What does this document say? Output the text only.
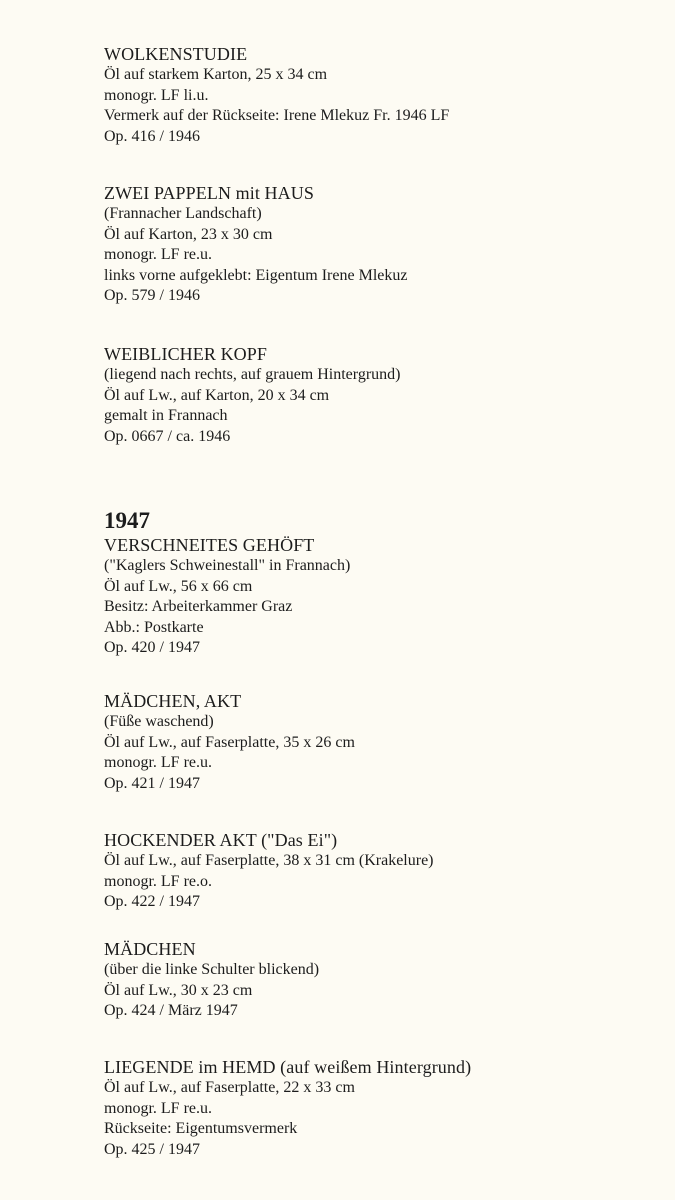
WOLKENSTUDIE
Öl auf starkem Karton, 25 x 34 cm
monogr. LF li.u.
Vermerk auf der Rückseite: Irene Mlekuz Fr. 1946 LF
Op. 416 / 1946
ZWEI PAPPELN mit HAUS
(Frannacher Landschaft)
Öl auf Karton, 23 x 30 cm
monogr. LF re.u.
links vorne aufgeklebt: Eigentum Irene Mlekuz
Op. 579 / 1946
WEIBLICHER KOPF
(liegend nach rechts, auf grauem Hintergrund)
Öl auf Lw., auf Karton, 20 x 34 cm
gemalt in Frannach
Op. 0667 / ca. 1946
1947
VERSCHNEITES GEHÖFT
("Kaglers Schweinestall" in Frannach)
Öl auf Lw., 56 x 66 cm
Besitz: Arbeiterkammer Graz
Abb.: Postkarte
Op. 420 / 1947
MÄDCHEN, AKT
(Füße waschend)
Öl auf Lw., auf Faserplatte, 35 x 26 cm
monogr. LF re.u.
Op. 421 / 1947
HOCKENDER AKT ("Das Ei")
Öl auf Lw., auf Faserplatte, 38 x 31 cm (Krakelure)
monogr. LF re.o.
Op. 422 / 1947
MÄDCHEN
(über die linke Schulter blickend)
Öl auf Lw., 30 x 23 cm
Op. 424 / März 1947
LIEGENDE im HEMD (auf weißem Hintergrund)
Öl auf Lw., auf Faserplatte, 22 x 33 cm
monogr. LF re.u.
Rückseite: Eigentumsvermerk
Op. 425 / 1947
